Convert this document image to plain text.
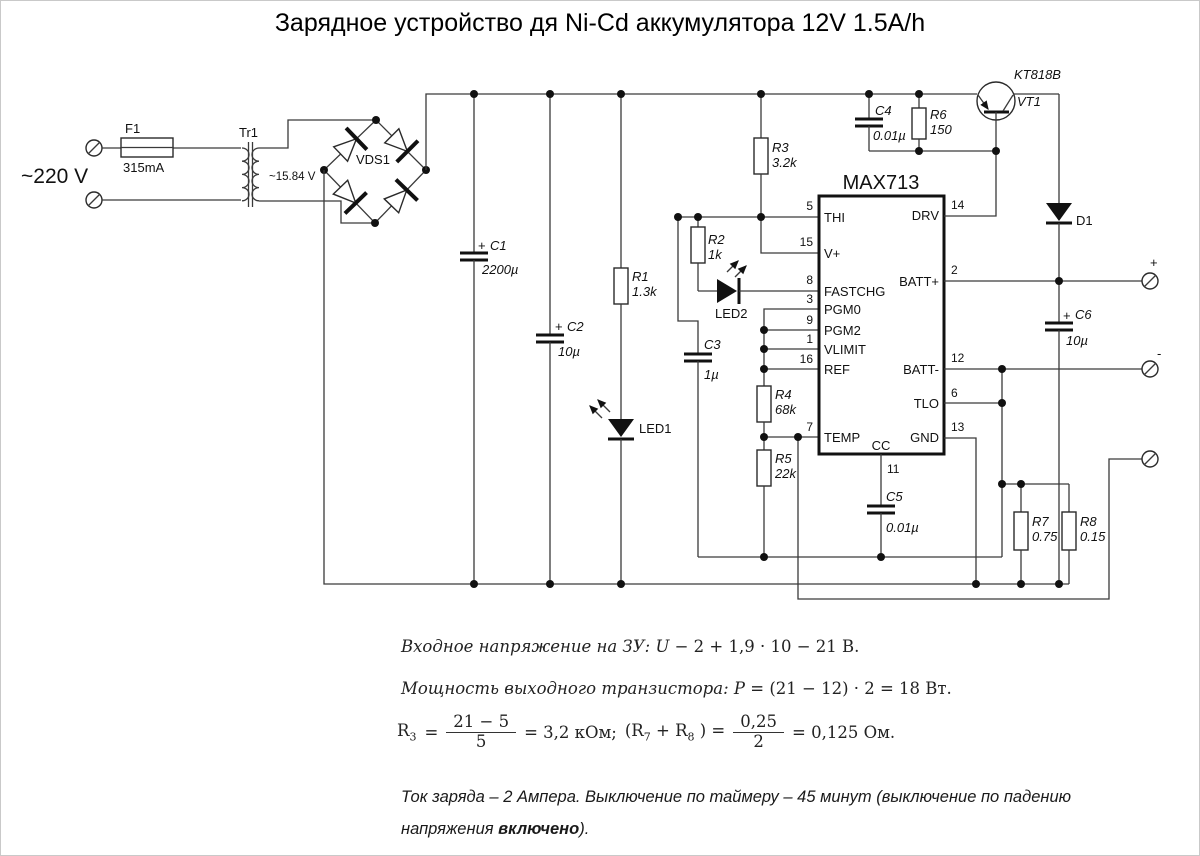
Зарядное устройство дя Ni-Cd аккумулятора 12V 1.5A/h
~220 V
F1
315mA
Tr1
~15.84 V
VDS1
+ C1
2200µ
+ C2
10µ
R1
1.3k
LED1
R3
3.2k
R2
1k
LED2
C3
1µ
R4
68k
R5
22k
MAX713
THI
V+
FASTCHG
PGM0
PGM2
VLIMIT
REF
TEMP
DRV
BATT+
BATT-
TLO
GND
CC
5
15
8
3
9
1
16
7
14
2
12
6
13
11
C4
0.01µ
R6
150
KT818B
VT1
D1
+
+ C6
10µ
-
R7
0.75
R8
0.15
C5
0.01µ
Входное напряжение на ЗУ: U − 2 + 1,9 · 10 − 21 В.
Мощность выходного транзистора: P = (21 − 12) · 2 = 18 Вт.
$R_3 = \frac{21 - 5}{5} = 3,2$ кОм; ($R_7 + R_8$ ) = $\frac{0,25}{2} = 0,125$ Ом.
Ток заряда – 2 Ампера. Выключение по таймеру – 45 минут (выключение по падению напряжения включено).
